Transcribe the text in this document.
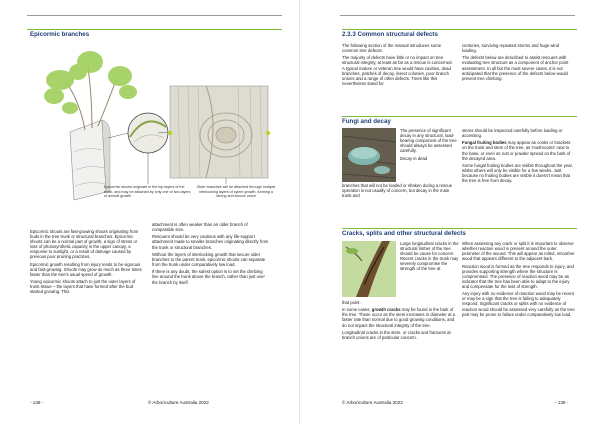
Epicormic branches
Epicormic shoots originate in the top layers of the trunk, and may be attached by only one or two layers of annual growth
Older branches will be attached through multiple interlocking layers of xylem growth, forming a strong and secure union

Epicormic shoots are fast-growing shoots originating from buds in the tree trunk or structural branches. Epicormic shoots can be a normal part of growth, a sign of stress or loss of photosynthetic capacity in the upper canopy, a response to sunlight, or a result of damage caused by previous poor pruning practices.

Epicormic growth resulting from injury tends to be vigorous and fast-growing. Shoots may grow as much as three times faster than the tree's usual speed of growth.

Young epicormic shoots attach to just the outer layers of trunk tissue – the layers that have formed after the bud started growing. This

attachment is often weaker than an older branch of comparable size.

Rescuers should be very cautious with any life-support attachment made to smaller branches originating directly from the trunk or structural branches.

Without the layers of interlocking growth that secure older branches to the parent trunk, epicormic shoots can separate from the trunk under comparatively low load.

If there is any doubt, the safest option is to set the climbing line around the trunk above the branch, rather than just over the branch by itself.

- 138 -	© Arboriculture Australia 2022
2.3.3 Common structural defects

The following section of the manual introduces some common tree defects.

The majority of defects have little or no impact on tree structural integrity, at least as far as a rescue is concerned. A typical mature or veteran tree would have cavities, dead branches, patches of decay, insect colonies, poor branch unions and a range of other defects. Trees like this nevertheless stand for

centuries, surviving repeated storms and huge wind loading.

The defects below are described to assist rescuers with evaluating tree structure as a component of anchor point assessment. In all but the most severe cases, it is not anticipated that the presence of the defects below would prevent tree climbing.

Fungi and decay

The presence of significant decay in any structural, load-bearing component of the tree should always be assessed carefully.

Decay in dead

branches that will not be loaded or shaken during a rescue operation is not usually of concern, but decay in the main trunk and

stems should be inspected carefully before loading or accessing.

Fungal fruiting bodies may appear as conks or brackets on the trunk and stem of the tree, as 'mushrooms' next to the base, or even as rust or powder spread on the bark of the decayed area.

Some fungal fruiting bodies are visible throughout the year, whilst others will only be visible for a few weeks. Just because no fruiting bodies are visible it doesn't mean that the tree is free from decay.

Cracks, splits and other structural defects

Large longitudinal cracks in the structural timber of the tree should be cause for concern. Recent cracks in the trunk may severely compromise the strength of the tree at

that point.

In some cases, growth cracks may be found in the bark of the tree. These occur as the stem increases in diameter at a faster rate than normal due to good growing conditions, and do not impact the structural integrity of the tree.

Longitudinal cracks in the stem, or cracks and fractures at branch unions are of particular concern.

When assessing any crack or split it is important to observe whether reaction wood is present around the outer perimeter of the wound. This will appear as rolled, smoother wood that appears different to the adjacent bark.

Reaction wood is formed as the tree responds to injury, and provides supporting strength where the structure is compromised. The presence of reaction wood may be an indicator that the tree has been able to adapt to the injury and compensate for the loss of strength.

Any injury with no evidence of reaction wood may be recent or may be a sign that the tree is failing to adequately respond. Significant cracks or splits with no evidence of reaction wood should be assessed very carefully as the tree part may be prone to failure under comparatively low load.

© Arboriculture Australia 2022	- 139 -
